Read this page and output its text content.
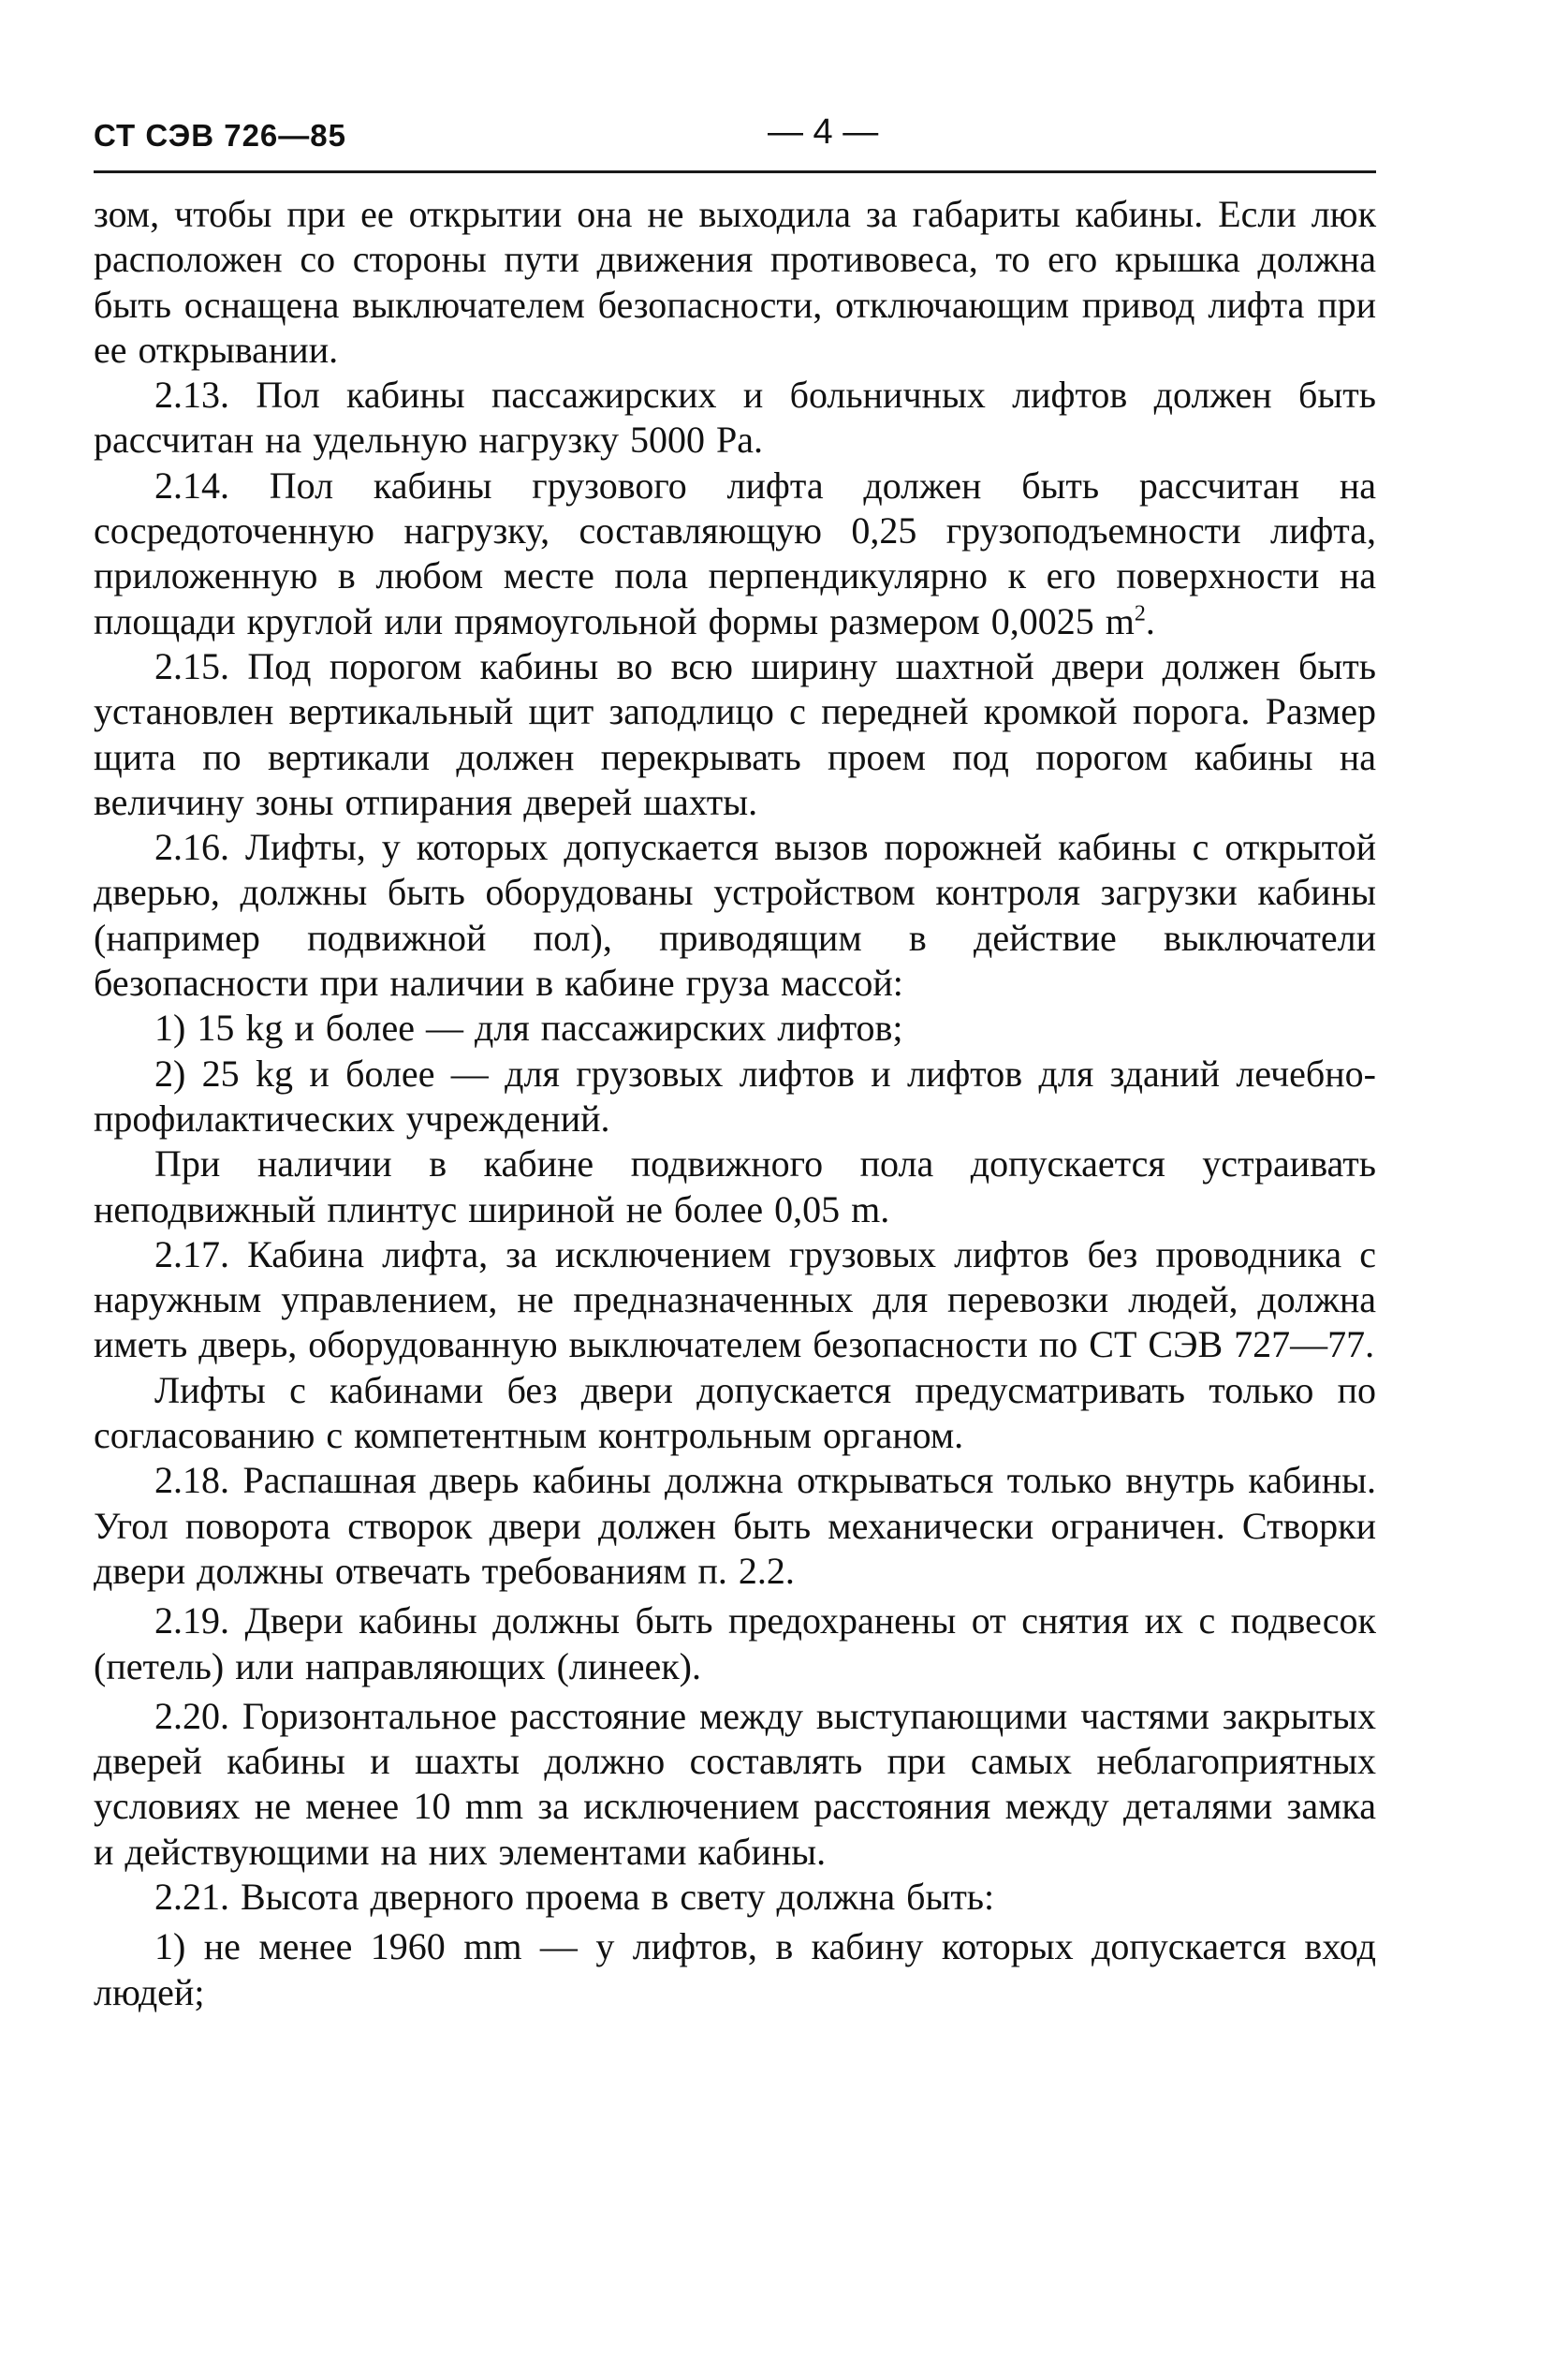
СТ СЭВ 726—85	— 4 —

зом, чтобы при ее открытии она не выходила за габариты кабины. Если люк расположен со стороны пути движения противовеса, то его крышка должна быть оснащена выключателем безопасности, отключающим привод лифта при ее открывании.

2.13. Пол кабины пассажирских и больничных лифтов должен быть рассчитан на удельную нагрузку 5000 Pa.

2.14. Пол кабины грузового лифта должен быть рассчитан на сосредоточенную нагрузку, составляющую 0,25 грузоподъемности лифта, приложенную в любом месте пола перпендикулярно к его поверхности на площади круглой или прямоугольной формы размером 0,0025 $m^2$.

2.15. Под порогом кабины во всю ширину шахтной двери должен быть установлен вертикальный щит заподлицо с передней кромкой порога. Размер щита по вертикали должен перекрывать проем под порогом кабины на величину зоны отпирания дверей шахты.

2.16. Лифты, у которых допускается вызов порожней кабины с открытой дверью, должны быть оборудованы устройством контроля загрузки кабины (например подвижной пол), приводящим в действие выключатели безопасности при наличии в кабине груза массой:

1) 15 kg и более — для пассажирских лифтов;

2) 25 kg и более — для грузовых лифтов и лифтов для зданий лечебно-профилактических учреждений.

При наличии в кабине подвижного пола допускается устраивать неподвижный плинтус шириной не более 0,05 m.

2.17. Кабина лифта, за исключением грузовых лифтов без проводника с наружным управлением, не предназначенных для перевозки людей, должна иметь дверь, оборудованную выключателем безопасности по СТ СЭВ 727—77.

Лифты с кабинами без двери допускается предусматривать только по согласованию с компетентным контрольным органом.

2.18. Распашная дверь кабины должна открываться только внутрь кабины. Угол поворота створок двери должен быть механически ограничен. Створки двери должны отвечать требованиям п. 2.2.

2.19. Двери кабины должны быть предохранены от снятия их с подвесок (петель) или направляющих (линеек).

2.20. Горизонтальное расстояние между выступающими частями закрытых дверей кабины и шахты должно составлять при самых неблагоприятных условиях не менее 10 mm за исключением расстояния между деталями замка и действующими на них элементами кабины.

2.21. Высота дверного проема в свету должна быть:

1) не менее 1960 mm — у лифтов, в кабину которых допускается вход людей;
